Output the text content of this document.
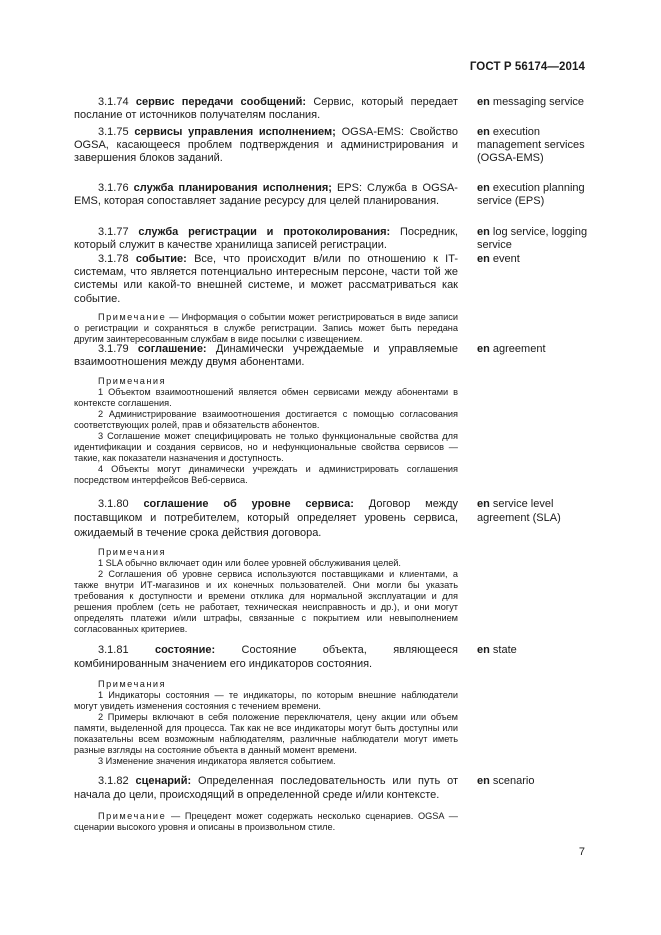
ГОСТ Р 56174—2014
3.1.74 сервис передачи сообщений: Сервис, который передает послание от источников получателям послания.
en messaging service
3.1.75 сервисы управления исполнением; OGSA-EMS: Свойство OGSA, касающееся проблем подтверждения и администрирования и завершения блоков заданий.
en execution management services (OGSA-EMS)
3.1.76 служба планирования исполнения; EPS: Служба в OGSA-EMS, которая сопоставляет задание ресурсу для целей планирования.
en execution planning service (EPS)
3.1.77 служба регистрации и протоколирования: Посредник, который служит в качестве хранилища записей регистрации.
en log service, logging service
3.1.78 событие: Все, что происходит в/или по отношению к IT-системам, что является потенциально интересным персоне, части той же системы или какой-то внешней системе, и может рассматриваться как событие.
en event

Примечание — Информация о событии может регистрироваться в виде записи о регистрации и сохраняться в службе регистрации. Запись может быть передана другим заинтересованным службам в виде посылки с извещением.

3.1.79 соглашение: Динамически учреждаемые и управляемые взаимоотношения между двумя абонентами.
en agreement

Примечания

1 Объектом взаимоотношений является обмен сервисами между абонентами в контексте соглашения.

2 Администрирование взаимоотношения достигается с помощью согласования соответствующих ролей, прав и обязательств абонентов.

3 Соглашение может специфицировать не только функциональные свойства для идентификации и создания сервисов, но и нефункциональные свойства сервисов — такие, как показатели назначения и доступность.

4 Объекты могут динамически учреждать и администрировать соглашения посредством интерфейсов Веб-сервиса.

3.1.80 соглашение об уровне сервиса: Договор между поставщиком и потребителем, который определяет уровень сервиса, ожидаемый в течение срока действия договора.
en service level agreement (SLA)

Примечания

1 SLA обычно включает один или более уровней обслуживания целей.

2 Соглашения об уровне сервиса используются поставщиками и клиентами, а также внутри ИТ-магазинов и их конечных пользователей. Они могли бы указать требования к доступности и времени отклика для нормальной эксплуатации и для решения проблем (сеть не работает, техническая неисправность и др.), и они могут определять платежи и/или штрафы, связанные с покрытием или невыполнением согласованных критериев.

3.1.81 состояние: Состояние объекта, являющееся комбинированным значением его индикаторов состояния.
en state

Примечания

1 Индикаторы состояния — те индикаторы, по которым внешние наблюдатели могут увидеть изменения состояния с течением времени.

2 Примеры включают в себя положение переключателя, цену акции или объем памяти, выделенной для процесса. Так как не все индикаторы могут быть доступны или показательны всем возможным наблюдателям, различные наблюдатели могут иметь разные взгляды на состояние объекта в данный момент времени.

3 Изменение значения индикатора является событием.

3.1.82 сценарий: Определенная последовательность или путь от начала до цели, происходящий в определенной среде и/или контексте.
en scenario

Примечание — Прецедент может содержать несколько сценариев. OGSA — сценарии высокого уровня и описаны в произвольном стиле.

7
